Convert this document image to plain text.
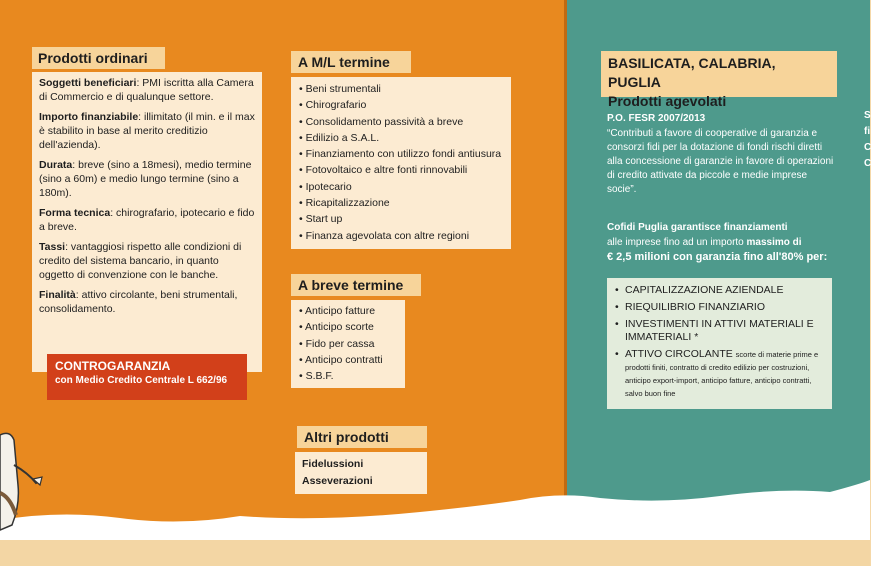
Prodotti ordinari

Soggetti beneficiari: PMI iscritta alla Camera di Commercio e di qualunque settore.

Importo finanziabile: illimitato (il min. e il max è stabilito in base al merito creditizio dell'azienda).

Durata: breve (sino a 18mesi), medio termine (sino a 60m) e medio lungo termine (sino a 180m).

Forma tecnica: chirografario, ipotecario e fido a breve.

Tassi: vantaggiosi rispetto alle condizioni di credito del sistema bancario, in quanto oggetto di convenzione con le banche.

Finalità: attivo circolante, beni strumentali, consolidamento.

CONTROGARANZIA
con Medio Credito Centrale L 662/96
A M/L termine
• Beni strumentali
• Chirografario
• Consolidamento passività a breve
• Edilizio a S.A.L.
• Finanziamento con utilizzo fondi antiusura
• Fotovoltaico e altre fonti rinnovabili
• Ipotecario
• Ricapitalizzazione
• Start up
• Finanza agevolata con altre regioni
A breve termine
• Anticipo fatture
• Anticipo scorte
• Fido per cassa
• Anticipo contratti
• S.B.F.
Altri prodotti
Fidelussioni
Asseverazioni
BASILICATA, CALABRIA, PUGLIA
Prodotti agevolati
P.O. FESR 2007/2013
“Contributi a favore di cooperative di garanzia e consorzi fidi per la dotazione di fondi rischi diretti alla concessione di garanzie in favore di operazioni di credito attivate da piccole e medie imprese socie”.
Cofidi Puglia garantisce finanziamenti
alle imprese fino ad un importo massimo di
€ 2,5 milioni con garanzia fino all'80% per:
• CAPITALIZZAZIONE AZIENDALE
• RIEQUILIBRIO FINANZIARIO
• INVESTIMENTI IN ATTIVI MATERIALI E IMMATERIALI *
• ATTIVO CIRCOLANTE scorte di materie prime e prodotti finiti, contratto di credito edilizio per costruzioni, anticipo export-import, anticipo fatture, anticipo contratti, salvo buon fine
S
fi
C
C
